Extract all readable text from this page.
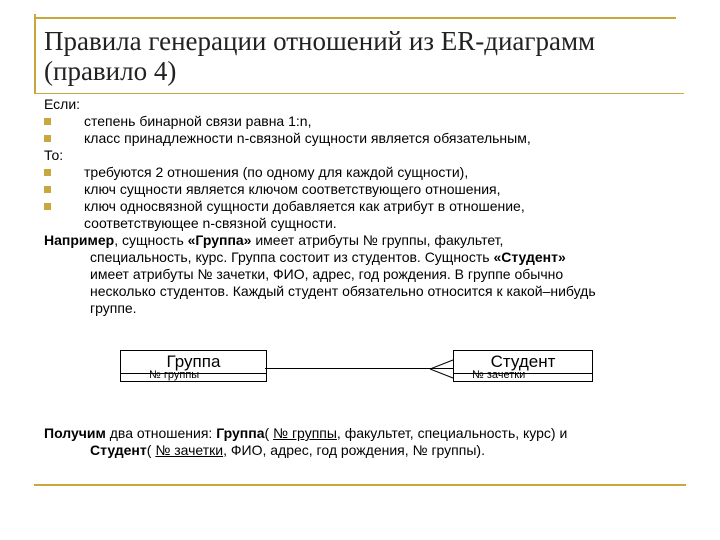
Правила генерации отношений из ER-диаграмм
(правило 4)
Если:
степень бинарной связи равна 1:n,
класс принадлежности n-связной сущности является обязательным,
То:
требуются 2 отношения (по одному для каждой сущности),
ключ сущности является ключом соответствующего отношения,
ключ односвязной сущности добавляется как атрибут в отношение,
соответствующее n-связной сущности.
Например, сущность «Группа» имеет атрибуты № группы, факультет,
специальность, курс. Группа состоит из студентов. Сущность «Студент»
имеет атрибуты № зачетки, ФИО, адрес, год рождения. В группе обычно
несколько студентов. Каждый студент обязательно относится к какой–нибудь
группе.
Группа
№ группы
Студент
№ зачетки
Получим два отношения: Группа( № группы, факультет, специальность, курс) и
Студент( № зачетки, ФИО, адрес, год рождения, № группы).
